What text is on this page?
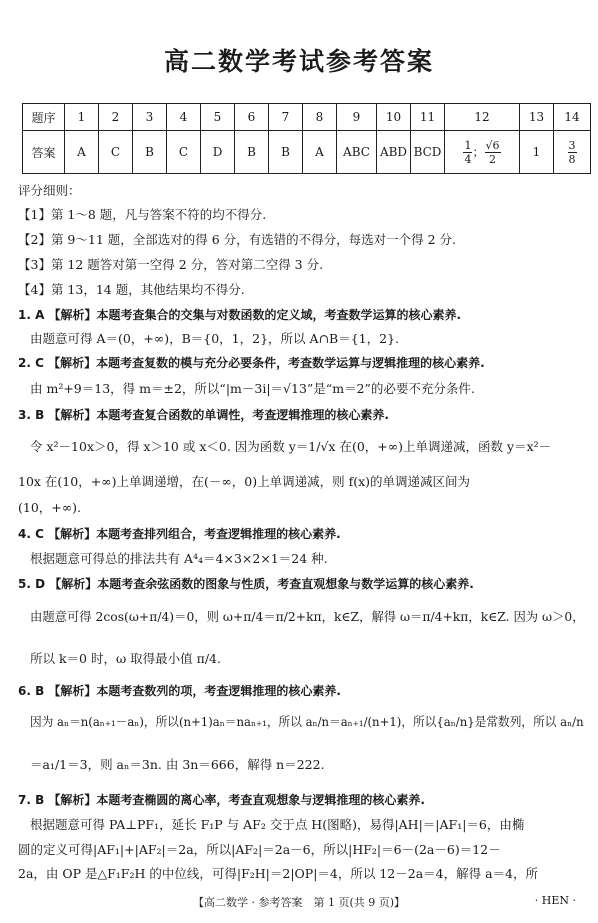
高二数学考试参考答案
题序	1	2	3	4	5	6	7	8	9	10	11	12	13	14
答案	A	C	B	C	D	B	B	A	ABC	ABD	BCD	$\frac{1}{4}$ ； $\frac{√6}{2}$	1	$\frac{3}{8}$
评分细则：
【1】第 1～8 题，凡与答案不符的均不得分.
【2】第 9～11 题，全部选对的得 6 分，有选错的不得分，每选对一个得 2 分.
【3】第 12 题答对第一空得 2 分，答对第二空得 3 分.
【4】第 13，14 题，其他结果均不得分.
1. A 【解析】本题考查集合的交集与对数函数的定义域，考查数学运算的核心素养.
由题意可得 A＝(0，+∞)，B＝{0，1，2}，所以 A∩B＝{1，2}.
2. C 【解析】本题考查复数的模与充分必要条件，考查数学运算与逻辑推理的核心素养.
由 m²+9＝13，得 m＝±2，所以“|m－3i|＝√13”是“m＝2”的必要不充分条件.
3. B 【解析】本题考查复合函数的单调性，考查逻辑推理的核心素养.
令 x²－10x＞0，得 x＞10 或 x＜0. 因为函数 y＝1/√x 在(0，+∞)上单调递减，函数 y＝x²－
10x 在(10，+∞)上单调递增，在(－∞，0)上单调递减，则 f(x)的单调递减区间为
(10，+∞).
4. C 【解析】本题考查排列组合，考查逻辑推理的核心素养.
根据题意可得总的排法共有 A⁴₄＝4×3×2×1＝24 种.
5. D 【解析】本题考查余弦函数的图象与性质，考查直观想象与数学运算的核心素养.
由题意可得 2cos(ω+π/4)＝0，则 ω+π/4＝π/2+kπ，k∈Z，解得 ω＝π/4+kπ，k∈Z. 因为 ω＞0，
所以 k＝0 时，ω 取得最小值 π/4.
6. B 【解析】本题考查数列的项，考查逻辑推理的核心素养.
因为 aₙ＝n(aₙ₊₁－aₙ)，所以(n+1)aₙ＝naₙ₊₁，所以 aₙ/n＝aₙ₊₁/(n+1)，所以{aₙ/n}是常数列，所以 aₙ/n
＝a₁/1＝3，则 aₙ＝3n. 由 3n＝666，解得 n＝222.
7. B 【解析】本题考查椭圆的离心率，考查直观想象与逻辑推理的核心素养.
根据题意可得 PA⊥PF₁，延长 F₁P 与 AF₂ 交于点 H(图略)，易得|AH|＝|AF₁|＝6，由椭
圆的定义可得|AF₁|+|AF₂|＝2a，所以|AF₂|＝2a－6，所以|HF₂|＝6－(2a－6)＝12－
2a，由 OP 是△F₁F₂H 的中位线，可得|F₂H|＝2|OP|＝4，所以 12－2a＝4，解得 a＝4，所
【高二数学 · 参考答案　第 1 页(共 9 页)】	· HEN ·
